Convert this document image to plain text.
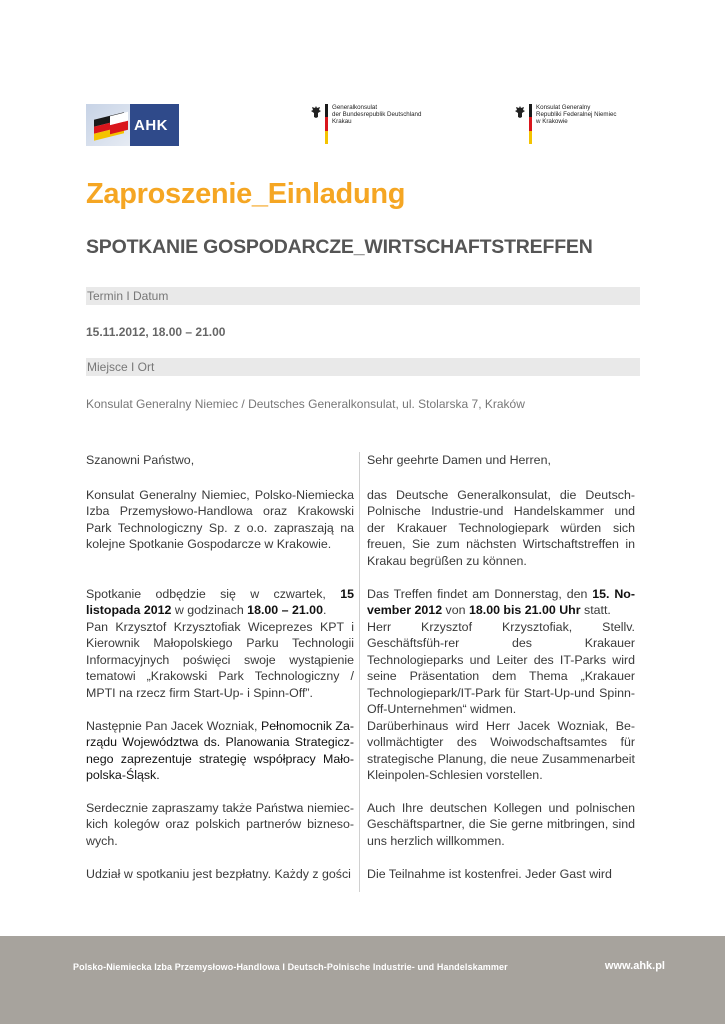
AHK
Generalkonsulat
der Bundesrepublik Deutschland
Krakau
Konsulat Generalny
Republiki Federalnej Niemiec
w Krakowie
Zaproszenie_Einladung
SPOTKANIE GOSPODARCZE_WIRTSCHAFTSTREFFEN
Termin I Datum
15.11.2012, 18.00 – 21.00
Miejsce I Ort
Konsulat Generalny Niemiec / Deutsches Generalkonsulat, ul. Stolarska 7, Kraków

Szanowni Państwo,

Konsulat Generalny Niemiec, Polsko-Niemiecka Izba Przemysłowo-Handlowa oraz Krakowski Park Technologiczny Sp. z o.o. zapraszają na kolejne Spotkanie Gospodarcze w Krakowie.

Spotkanie odbędzie się w czwartek, 15 listopada 2012 w godzinach 18.00 – 21.00.

Pan Krzysztof Krzysztofiak Wiceprezes KPT i Kierownik Małopolskiego Parku Technologii Informacyjnych poświęci swoje wystąpienie tematowi „Krakowski Park Technologiczny / MPTI na rzecz firm Start-Up- i Spinn-Off”.

Następnie Pan Jacek Wozniak, Pełnomocnik Za-rządu Województwa ds. Planowania Strategicz-nego zaprezentuje strategię współpracy Mało-polska-Śląsk.

Serdecznie zapraszamy także Państwa niemiec-kich kolegów oraz polskich partnerów bizneso-wych.

Udział w spotkaniu jest bezpłatny. Każdy z gości

Sehr geehrte Damen und Herren,

das Deutsche Generalkonsulat, die Deutsch-Polnische Industrie-und Handelskammer und der Krakauer Technologiepark würden sich freuen, Sie zum nächsten Wirtschaftstreffen in Krakau begrüßen zu können.

Das Treffen findet am Donnerstag, den 15. No-vember 2012 von 18.00 bis 21.00 Uhr statt.

Herr Krzysztof Krzysztofiak, Stellv. Geschäftsfüh-rer des Krakauer Technologieparks und Leiter des IT-Parks wird seine Präsentation dem Thema „Krakauer Technologiepark/IT-Park für Start-Up-und Spinn-Off-Unternehmen“ widmen.

Darüberhinaus wird Herr Jacek Wozniak, Be-vollmächtigter des Woiwodschaftsamtes für strategische Planung, die neue Zusammenarbeit Kleinpolen-Schlesien vorstellen.

Auch Ihre deutschen Kollegen und polnischen Geschäftspartner, die Sie gerne mitbringen, sind uns herzlich willkommen.

Die Teilnahme ist kostenfrei. Jeder Gast wird

Polsko-Niemiecka Izba Przemysłowo-Handlowa I Deutsch-Polnische Industrie- und Handelskammer	www.ahk.pl
